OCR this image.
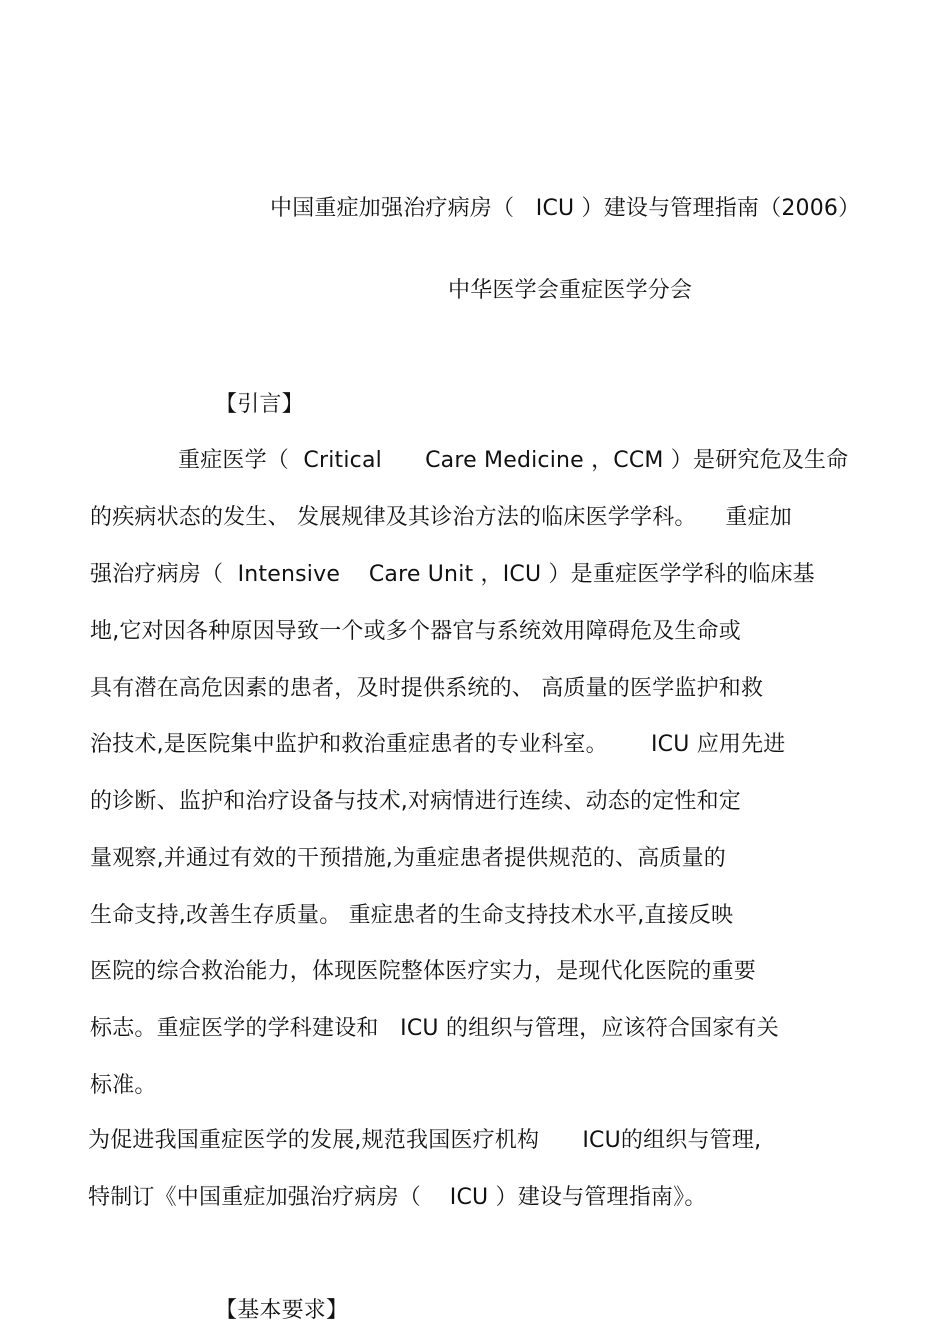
中国重症加强治疗病房（   ICU ）建设与管理指南（2006）
中华医学会重症医学分会
【引言】
重症医学（  Critical      Care Medicine ，CCM ）是研究危及生命
的疾病状态的发生、 发展规律及其诊治方法的临床医学学科。    重症加
强治疗病房（  Intensive    Care Unit ，ICU ）是重症医学学科的临床基
地,它对因各种原因导致一个或多个器官与系统效用障碍危及生命或
具有潜在高危因素的患者，及时提供系统的、 高质量的医学监护和救
治技术,是医院集中监护和救治重症患者的专业科室。      ICU 应用先进
的诊断、监护和治疗设备与技术,对病情进行连续、动态的定性和定
量观察,并通过有效的干预措施,为重症患者提供规范的、高质量的
生命支持,改善生存质量。 重症患者的生命支持技术水平,直接反映
医院的综合救治能力，体现医院整体医疗实力，是现代化医院的重要
标志。重症医学的学科建设和   ICU 的组织与管理，应该符合国家有关
标准。
为促进我国重症医学的发展,规范我国医疗机构      ICU的组织与管理,
特制订《中国重症加强治疗病房（    ICU ）建设与管理指南》。
【基本要求】
